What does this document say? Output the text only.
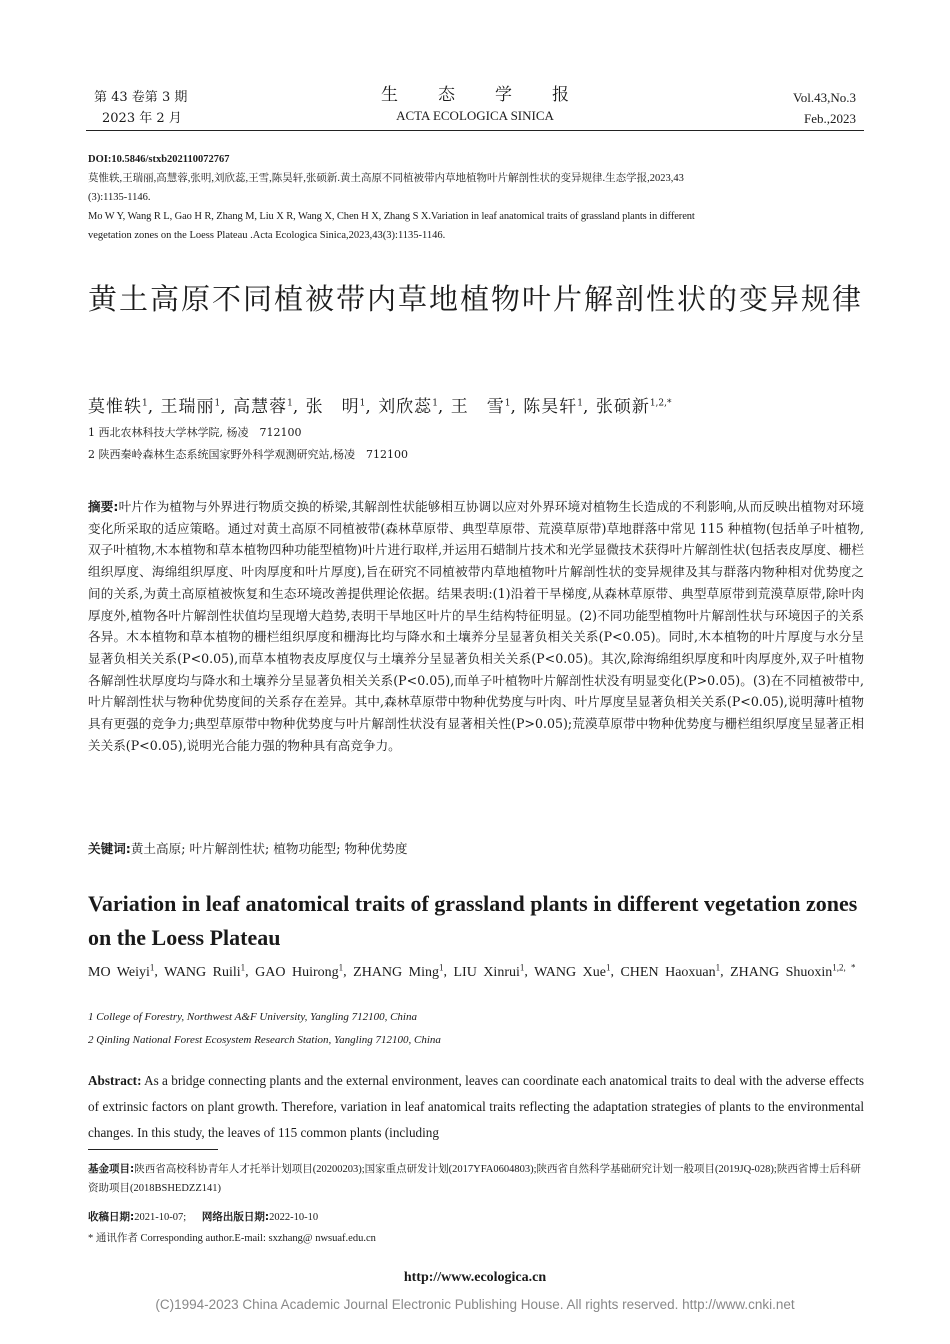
第 43 卷第 3 期
2023 年 2 月
生态学报
ACTA ECOLOGICA SINICA
Vol.43,No.3
Feb.,2023
DOI:10.5846/stxb202110072767
莫惟轶,王瑞丽,高慧蓉,张明,刘欣蕊,王雪,陈昊轩,张硕新.黄土高原不同植被带内草地植物叶片解剖性状的变异规律.生态学报,2023,43
(3):1135-1146.
Mo W Y, Wang R L, Gao H R, Zhang M, Liu X R, Wang X, Chen H X, Zhang S X.Variation in leaf anatomical traits of grassland plants in different
vegetation zones on the Loess Plateau .Acta Ecologica Sinica,2023,43(3):1135-1146.
黄土高原不同植被带内草地植物叶片解剖性状的变异规律
莫惟轶$^1$, 王瑞丽$^1$, 高慧蓉$^1$, 张　明$^1$, 刘欣蕊$^1$, 王　雪$^1$, 陈昊轩$^1$, 张硕新$^{1,2,*}$
1 西北农林科技大学林学院, 杨凌　712100
2 陕西秦岭森林生态系统国家野外科学观测研究站,杨凌　712100
摘要:叶片作为植物与外界进行物质交换的桥梁,其解剖性状能够相互协调以应对外界环境对植物生长造成的不利影响,从而反映出植物对环境变化所采取的适应策略。通过对黄土高原不同植被带(森林草原带、典型草原带、荒漠草原带)草地群落中常见 115 种植物(包括单子叶植物,双子叶植物,木本植物和草本植物四种功能型植物)叶片进行取样,并运用石蜡制片技术和光学显微技术获得叶片解剖性状(包括表皮厚度、栅栏组织厚度、海绵组织厚度、叶肉厚度和叶片厚度),旨在研究不同植被带内草地植物叶片解剖性状的变异规律及其与群落内物种相对优势度之间的关系,为黄土高原植被恢复和生态环境改善提供理论依据。结果表明:(1)沿着干旱梯度,从森林草原带、典型草原带到荒漠草原带,除叶肉厚度外,植物各叶片解剖性状值均呈现增大趋势,表明干旱地区叶片的旱生结构特征明显。(2)不同功能型植物叶片解剖性状与环境因子的关系各异。木本植物和草本植物的栅栏组织厚度和栅海比均与降水和土壤养分呈显著负相关关系(P<0.05)。同时,木本植物的叶片厚度与水分呈显著负相关关系(P<0.05),而草本植物表皮厚度仅与土壤养分呈显著负相关关系(P<0.05)。其次,除海绵组织厚度和叶肉厚度外,双子叶植物各解剖性状厚度均与降水和土壤养分呈显著负相关关系(P<0.05),而单子叶植物叶片解剖性状没有明显变化(P>0.05)。(3)在不同植被带中,叶片解剖性状与物种优势度间的关系存在差异。其中,森林草原带中物种优势度与叶肉、叶片厚度呈显著负相关关系(P<0.05),说明薄叶植物具有更强的竞争力;典型草原带中物种优势度与叶片解剖性状没有显著相关性(P>0.05);荒漠草原带中物种优势度与栅栏组织厚度呈显著正相关关系(P<0.05),说明光合能力强的物种具有高竞争力。
关键词:黄土高原; 叶片解剖性状; 植物功能型; 物种优势度
Variation in leaf anatomical traits of grassland plants in different vegetation zones on the Loess Plateau
MO Weiyi$^1$, WANG Ruili$^1$, GAO Huirong$^1$, ZHANG Ming$^1$, LIU Xinrui$^1$, WANG Xue$^1$, CHEN Haoxuan$^1$, ZHANG Shuoxin$^{1,2, *}$
1 College of Forestry, Northwest A&F University, Yangling 712100, China
2 Qinling National Forest Ecosystem Research Station, Yangling 712100, China
Abstract: As a bridge connecting plants and the external environment, leaves can coordinate each anatomical traits to deal with the adverse effects of extrinsic factors on plant growth. Therefore, variation in leaf anatomical traits reflecting the adaptation strategies of plants to the environmental changes. In this study, the leaves of 115 common plants (including
基金项目:陕西省高校科协青年人才托举计划项目(20200203);国家重点研发计划(2017YFA0604803);陕西省自然科学基础研究计划一般项目(2019JQ-028);陕西省博士后科研资助项目(2018BSHEDZZ141)
收稿日期:2021-10-07; 网络出版日期:2022-10-10
* 通讯作者 Corresponding author.E-mail: sxzhang@ nwsuaf.edu.cn
http://www.ecologica.cn
(C)1994-2023 China Academic Journal Electronic Publishing House. All rights reserved. http://www.cnki.net
